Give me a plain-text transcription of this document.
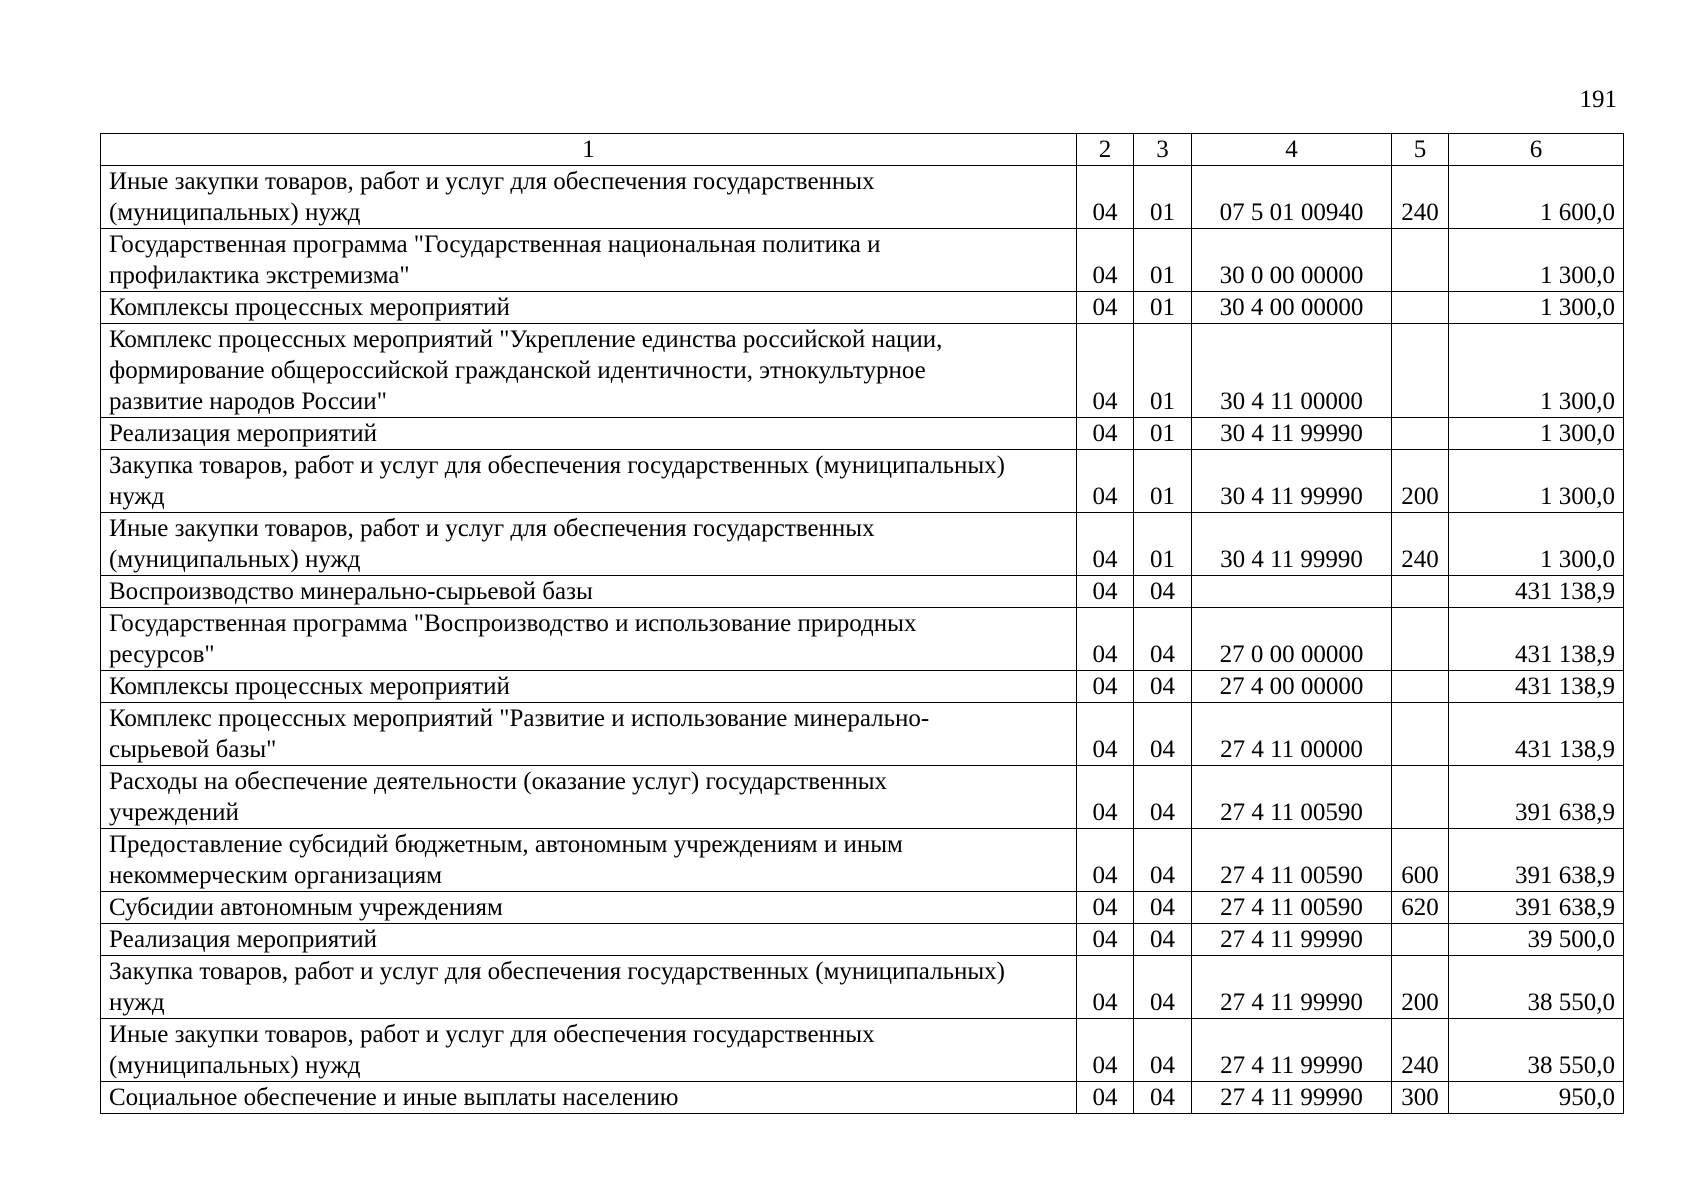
191
1	2	3	4	5	6
Иные закупки товаров, работ и услуг для обеспечения государственных
(муниципальных) нужд	04	01	07 5 01 00940	240	1 600,0
Государственная программа "Государственная национальная политика и
профилактика экстремизма"	04	01	30 0 00 00000		1 300,0
Комплексы процессных мероприятий	04	01	30 4 00 00000		1 300,0
Комплекс процессных мероприятий "Укрепление единства российской нации,
формирование общероссийской гражданской идентичности, этнокультурное
развитие народов России"	04	01	30 4 11 00000		1 300,0
Реализация мероприятий	04	01	30 4 11 99990		1 300,0
Закупка товаров, работ и услуг для обеспечения государственных (муниципальных)
нужд	04	01	30 4 11 99990	200	1 300,0
Иные закупки товаров, работ и услуг для обеспечения государственных
(муниципальных) нужд	04	01	30 4 11 99990	240	1 300,0
Воспроизводство минерально-сырьевой базы	04	04			431 138,9
Государственная программа "Воспроизводство и использование природных
ресурсов"	04	04	27 0 00 00000		431 138,9
Комплексы процессных мероприятий	04	04	27 4 00 00000		431 138,9
Комплекс процессных мероприятий "Развитие и использование минерально-
сырьевой базы"	04	04	27 4 11 00000		431 138,9
Расходы на обеспечение деятельности (оказание услуг) государственных
учреждений	04	04	27 4 11 00590		391 638,9
Предоставление субсидий бюджетным, автономным учреждениям и иным
некоммерческим организациям	04	04	27 4 11 00590	600	391 638,9
Субсидии автономным учреждениям	04	04	27 4 11 00590	620	391 638,9
Реализация мероприятий	04	04	27 4 11 99990		39 500,0
Закупка товаров, работ и услуг для обеспечения государственных (муниципальных)
нужд	04	04	27 4 11 99990	200	38 550,0
Иные закупки товаров, работ и услуг для обеспечения государственных
(муниципальных) нужд	04	04	27 4 11 99990	240	38 550,0
Социальное обеспечение и иные выплаты населению	04	04	27 4 11 99990	300	950,0
